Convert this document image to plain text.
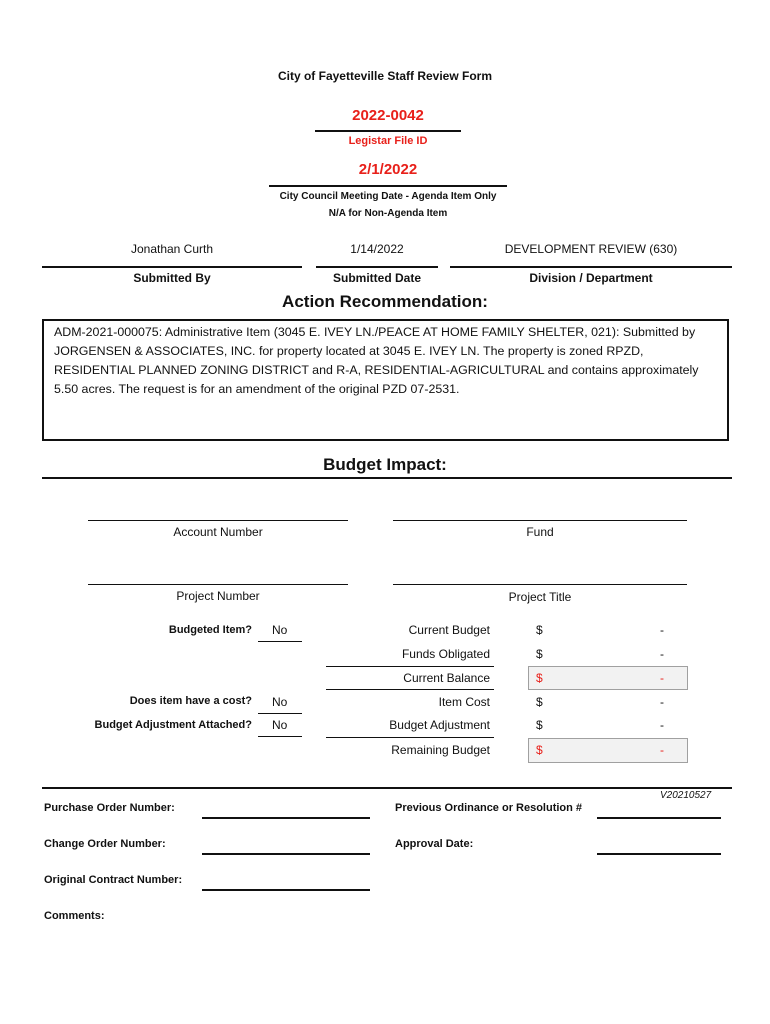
City of Fayetteville Staff Review Form
2022-0042
Legistar File ID
2/1/2022
City Council Meeting Date - Agenda Item Only
N/A for Non-Agenda Item
Jonathan Curth
Submitted By
1/14/2022
Submitted Date
DEVELOPMENT REVIEW (630)
Division / Department
Action Recommendation:
ADM-2021-000075: Administrative Item (3045 E. IVEY LN./PEACE AT HOME FAMILY SHELTER, 021): Submitted by JORGENSEN & ASSOCIATES, INC. for property located at 3045 E. IVEY LN. The property is zoned RPZD, RESIDENTIAL PLANNED ZONING DISTRICT and R-A, RESIDENTIAL-AGRICULTURAL and contains approximately 5.50 acres. The request is for an amendment of the original PZD 07-2531.
Budget Impact:
Account Number	Fund
Project Number	Project Title
Budgeted Item? No
Does item have a cost? No
Budget Adjustment Attached? No
Current Budget	$	-
Funds Obligated	$	-
Current Balance	$	-
Item Cost	$	-
Budget Adjustment	$	-
Remaining Budget	$	-
V20210527
Purchase Order Number:	Previous Ordinance or Resolution #
Change Order Number:	Approval Date:
Original Contract Number:
Comments:
